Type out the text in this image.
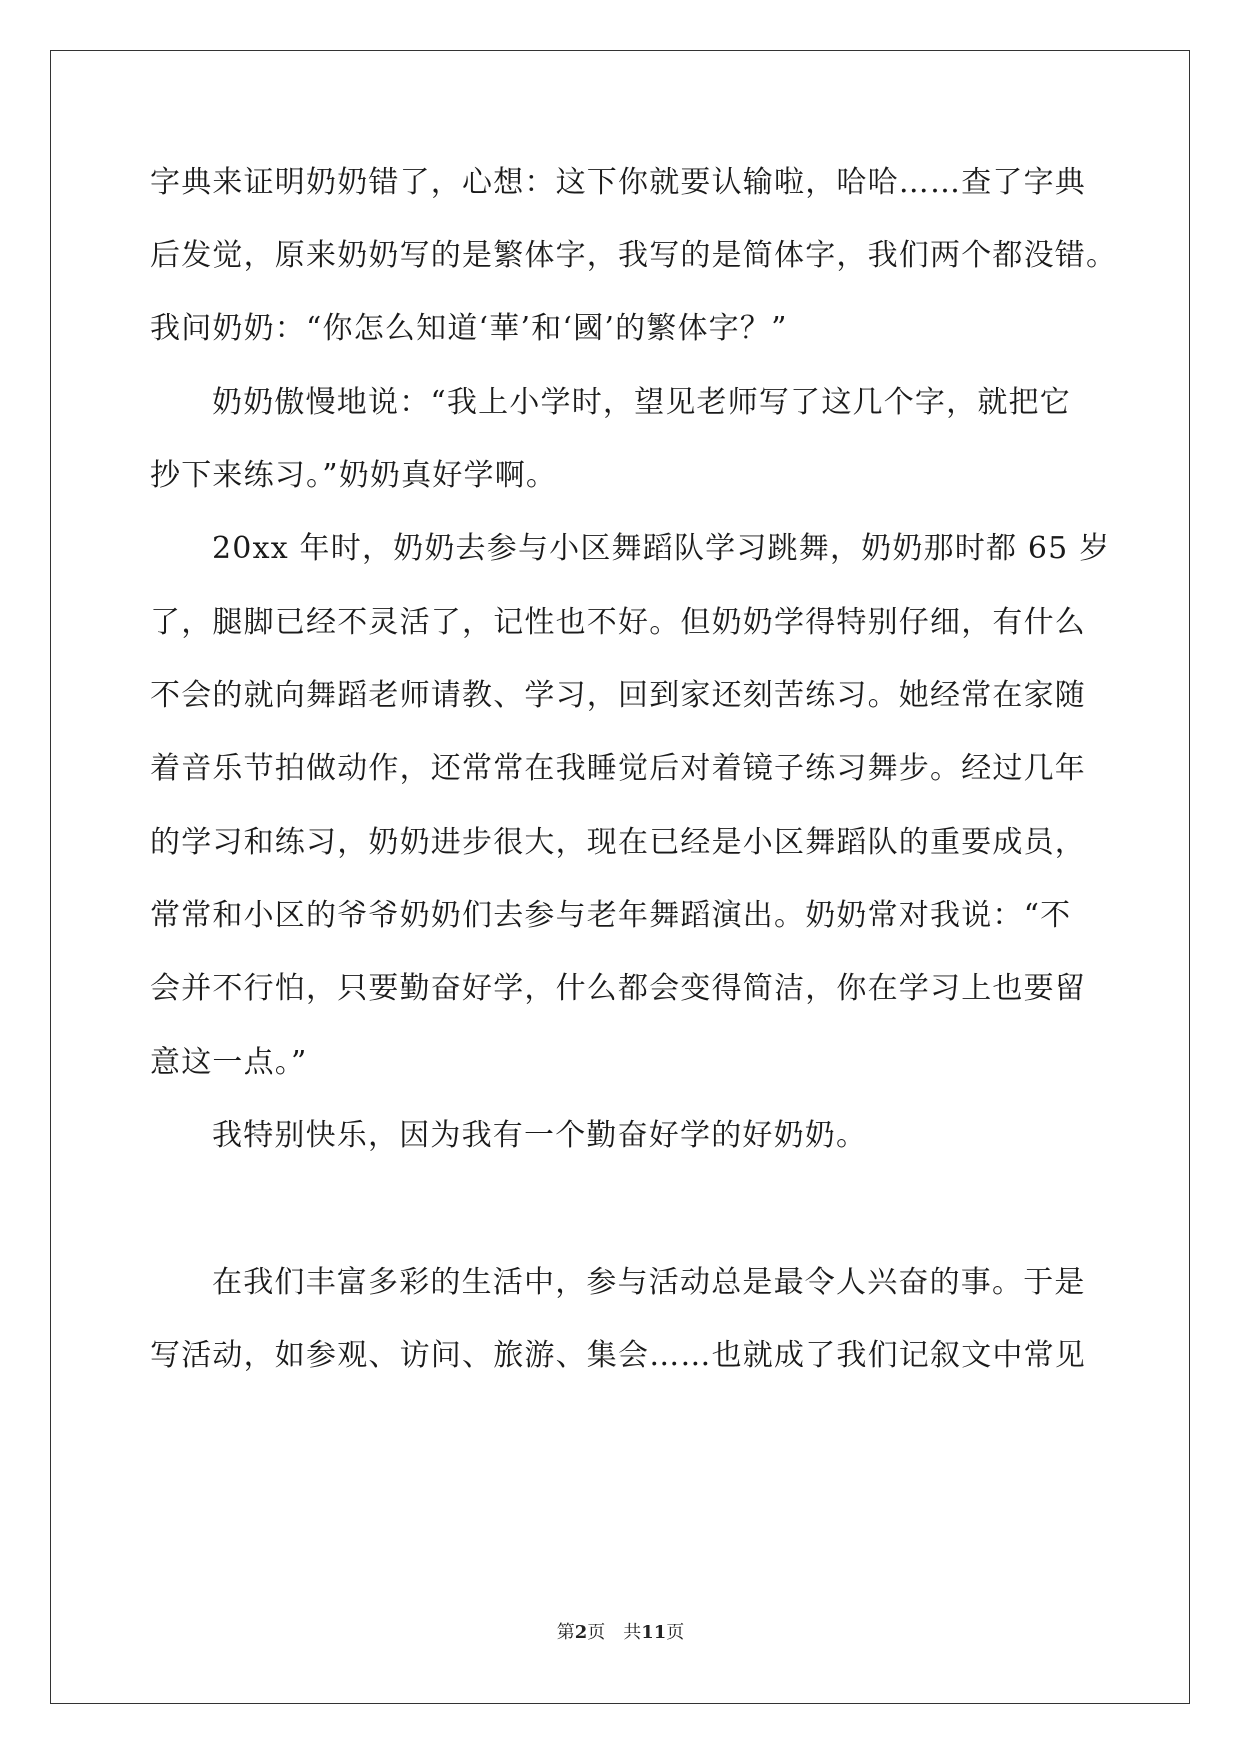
字典来证明奶奶错了，心想：这下你就要认输啦，哈哈……查了字典
后发觉，原来奶奶写的是繁体字，我写的是简体字，我们两个都没错。
我问奶奶：“你怎么知道‘華’和‘國’的繁体字？”
奶奶傲慢地说：“我上小学时，望见老师写了这几个字，就把它
抄下来练习。”奶奶真好学啊。
20xx 年时，奶奶去参与小区舞蹈队学习跳舞，奶奶那时都 65 岁
了，腿脚已经不灵活了，记性也不好。但奶奶学得特别仔细，有什么
不会的就向舞蹈老师请教、学习，回到家还刻苦练习。她经常在家随
着音乐节拍做动作，还常常在我睡觉后对着镜子练习舞步。经过几年
的学习和练习，奶奶进步很大，现在已经是小区舞蹈队的重要成员，
常常和小区的爷爷奶奶们去参与老年舞蹈演出。奶奶常对我说：“不
会并不行怕，只要勤奋好学，什么都会变得简洁，你在学习上也要留
意这一点。”
我特别快乐，因为我有一个勤奋好学的好奶奶。
在我们丰富多彩的生活中，参与活动总是最令人兴奋的事。于是
写活动，如参观、访问、旅游、集会……也就成了我们记叙文中常见
第2页 共11页
